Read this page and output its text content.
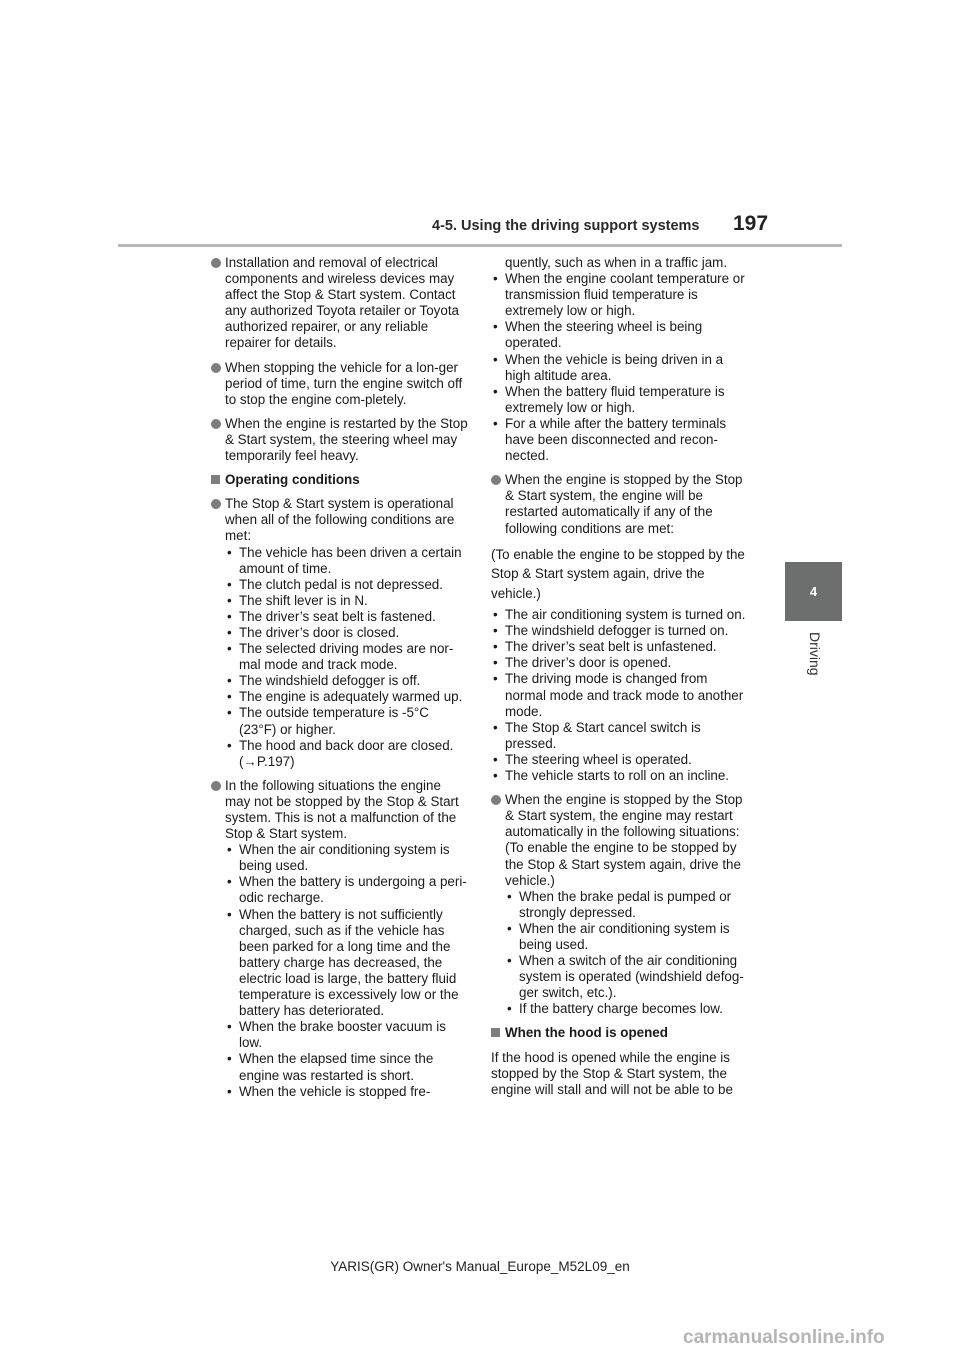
4-5. Using the driving support systems 197
4
Driving
Installation and removal of electrical components and wireless devices may affect the Stop & Start system. Contact any authorized Toyota retailer or Toyota authorized repairer, or any reliable repairer for details.
When stopping the vehicle for a lon-ger period of time, turn the engine switch off to stop the engine com-pletely.
When the engine is restarted by the Stop & Start system, the steering wheel may temporarily feel heavy.
Operating conditions
The Stop & Start system is operational when all of the following conditions are met:
• The vehicle has been driven a certain amount of time.
• The clutch pedal is not depressed.
• The shift lever is in N.
• The driver’s seat belt is fastened.
• The driver’s door is closed.
• The selected driving modes are nor-mal mode and track mode.
• The windshield defogger is off.
• The engine is adequately warmed up.
• The outside temperature is -5°C (23°F) or higher.
• The hood and back door are closed. (→P.197)
In the following situations the engine may not be stopped by the Stop & Start system. This is not a malfunction of the Stop & Start system.
• When the air conditioning system is being used.
• When the battery is undergoing a peri-odic recharge.
• When the battery is not sufficiently charged, such as if the vehicle has been parked for a long time and the battery charge has decreased, the electric load is large, the battery fluid temperature is excessively low or the battery has deteriorated.
• When the brake booster vacuum is low.
• When the elapsed time since the engine was restarted is short.
• When the vehicle is stopped fre-
quently, such as when in a traffic jam.
• When the engine coolant temperature or transmission fluid temperature is extremely low or high.
• When the steering wheel is being operated.
• When the vehicle is being driven in a high altitude area.
• When the battery fluid temperature is extremely low or high.
• For a while after the battery terminals have been disconnected and recon-nected.
When the engine is stopped by the Stop & Start system, the engine will be restarted automatically if any of the following conditions are met:
(To enable the engine to be stopped by the Stop & Start system again, drive the vehicle.)
• The air conditioning system is turned on.
• The windshield defogger is turned on.
• The driver’s seat belt is unfastened.
• The driver’s door is opened.
• The driving mode is changed from normal mode and track mode to another mode.
• The Stop & Start cancel switch is pressed.
• The steering wheel is operated.
• The vehicle starts to roll on an incline.
When the engine is stopped by the Stop & Start system, the engine may restart automatically in the following situations: (To enable the engine to be stopped by the Stop & Start system again, drive the vehicle.)
• When the brake pedal is pumped or strongly depressed.
• When the air conditioning system is being used.
• When a switch of the air conditioning system is operated (windshield defog-ger switch, etc.).
• If the battery charge becomes low.
When the hood is opened
If the hood is opened while the engine is stopped by the Stop & Start system, the engine will stall and will not be able to be
YARIS(GR) Owner's Manual_Europe_M52L09_en
carmanualsonline.info
